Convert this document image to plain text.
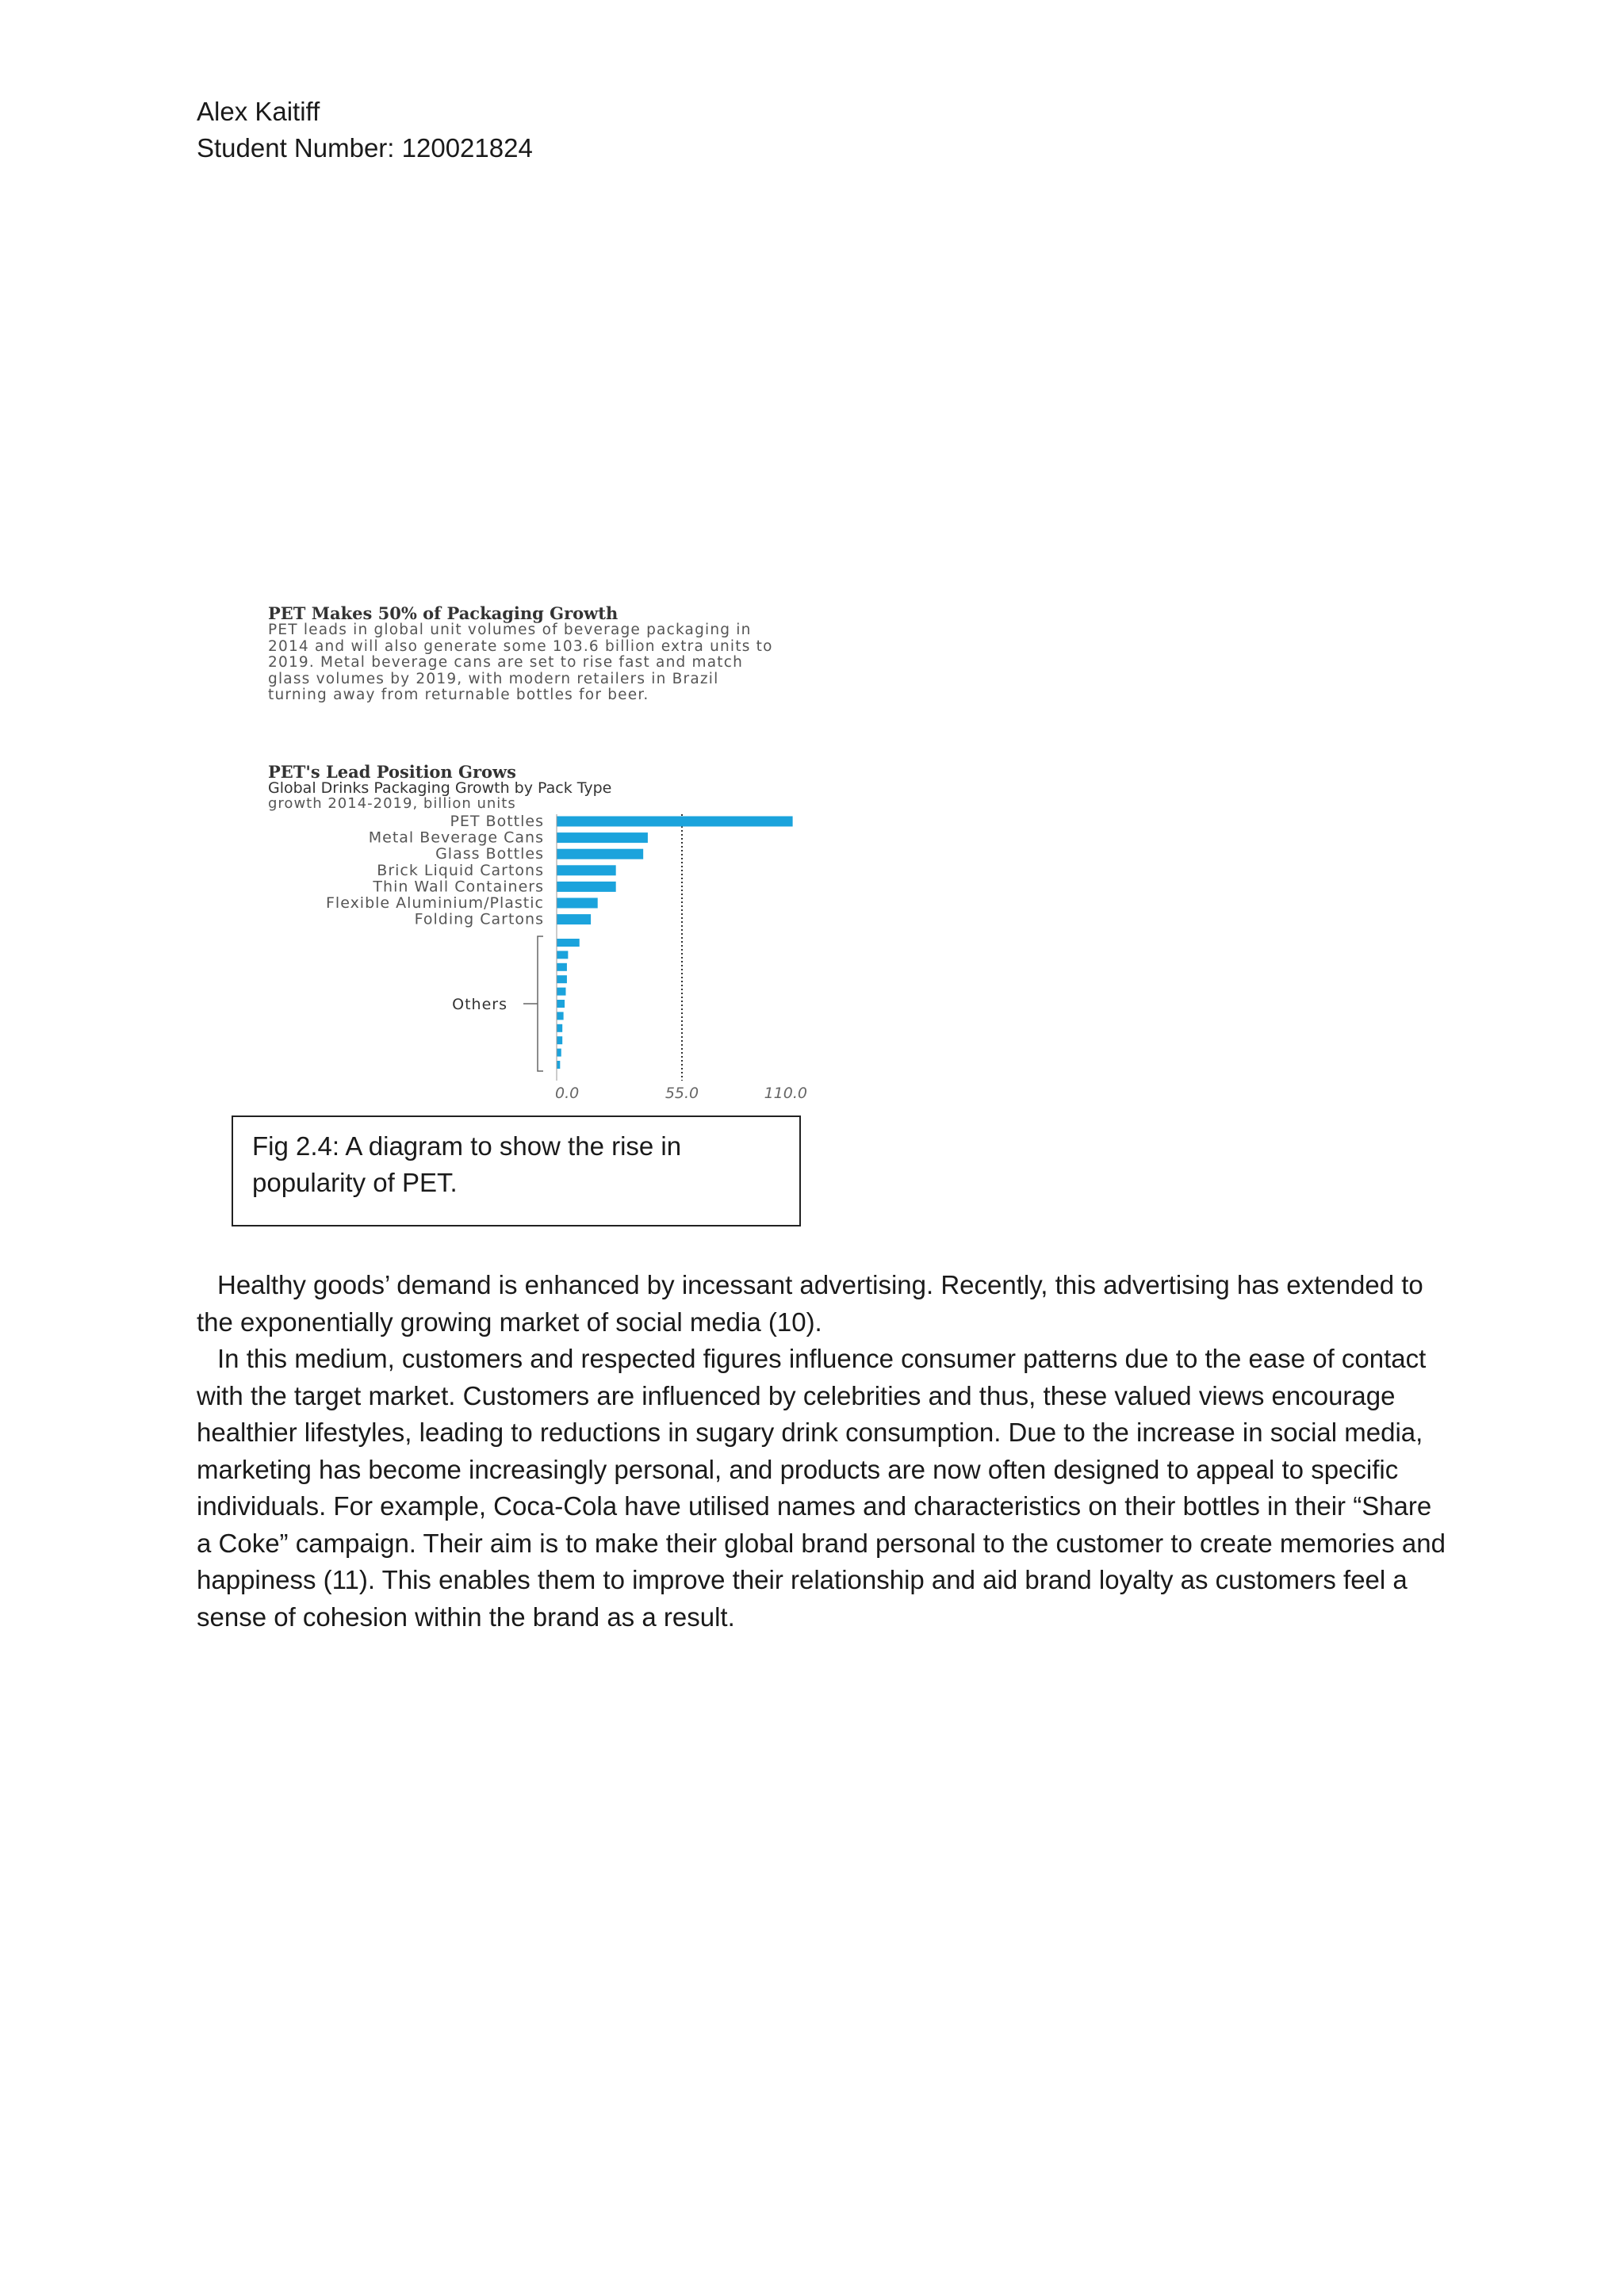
Alex Kaitiff
Student Number: 120021824
PET Makes 50% of Packaging Growth
PET leads in global unit volumes of beverage packaging in 2014 and will also generate some 103.6 billion extra units to 2019. Metal beverage cans are set to rise fast and match glass volumes by 2019, with modern retailers in Brazil turning away from returnable bottles for beer.
PET's Lead Position Grows
Global Drinks Packaging Growth by Pack Type
growth 2014-2019, billion units
PET Bottles
Metal Beverage Cans
Glass Bottles
Brick Liquid Cartons
Thin Wall Containers
Flexible Aluminium/Plastic
Folding Cartons
Others
0.0	55.0	110.0
Fig 2.4: A diagram to show the rise in popularity of PET.

Healthy goods’ demand is enhanced by incessant advertising. Recently, this advertising has extended to the exponentially growing market of social media (10).

In this medium, customers and respected figures influence consumer patterns due to the ease of contact with the target market. Customers are influenced by celebrities and thus, these valued views encourage healthier lifestyles, leading to reductions in sugary drink consumption. Due to the increase in social media, marketing has become increasingly personal, and products are now often designed to appeal to specific individuals. For example, Coca-Cola have utilised names and characteristics on their bottles in their “Share a Coke” campaign. Their aim is to make their global brand personal to the customer to create memories and happiness (11). This enables them to improve their relationship and aid brand loyalty as customers feel a sense of cohesion within the brand as a result.
